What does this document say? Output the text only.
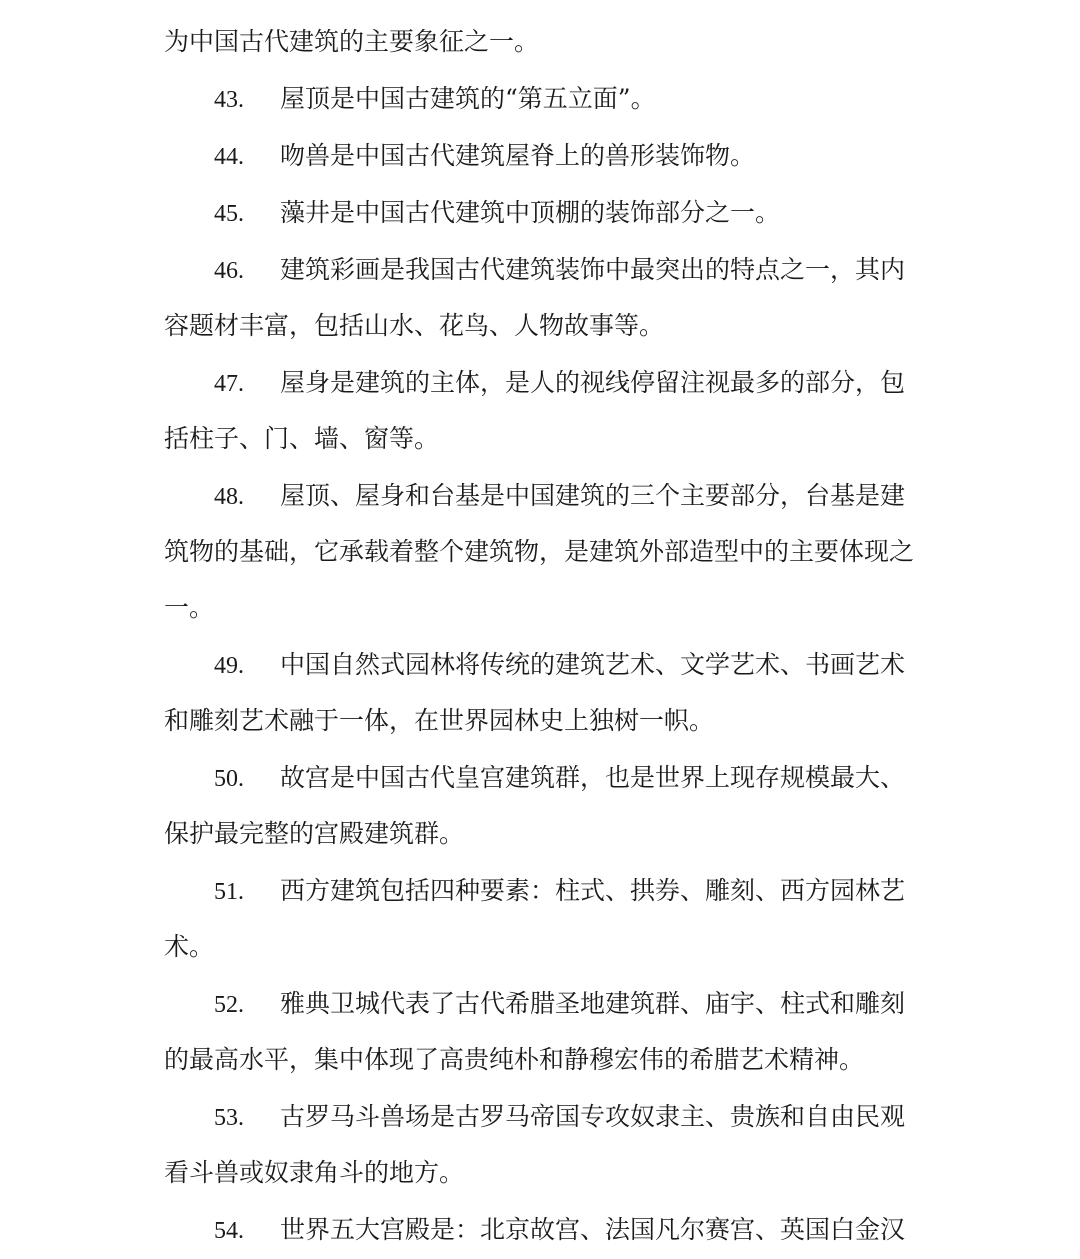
为中国古代建筑的主要象征之一。
43. 屋顶是中国古建筑的“第五立面”。
44. 吻兽是中国古代建筑屋脊上的兽形装饰物。
45. 藻井是中国古代建筑中顶棚的装饰部分之一。
46. 建筑彩画是我国古代建筑装饰中最突出的特点之一，其内
容题材丰富，包括山水、花鸟、人物故事等。
47. 屋身是建筑的主体，是人的视线停留注视最多的部分，包
括柱子、门、墙、窗等。
48. 屋顶、屋身和台基是中国建筑的三个主要部分，台基是建
筑物的基础，它承载着整个建筑物，是建筑外部造型中的主要体现之
一。
49. 中国自然式园林将传统的建筑艺术、文学艺术、书画艺术
和雕刻艺术融于一体，在世界园林史上独树一帜。
50. 故宫是中国古代皇宫建筑群，也是世界上现存规模最大、
保护最完整的宫殿建筑群。
51. 西方建筑包括四种要素：柱式、拱券、雕刻、西方园林艺
术。
52. 雅典卫城代表了古代希腊圣地建筑群、庙宇、柱式和雕刻
的最高水平，集中体现了高贵纯朴和静穆宏伟的希腊艺术精神。
53. 古罗马斗兽场是古罗马帝国专攻奴隶主、贵族和自由民观
看斗兽或奴隶角斗的地方。
54. 世界五大宫殿是：北京故宫、法国凡尔赛宫、英国白金汉
